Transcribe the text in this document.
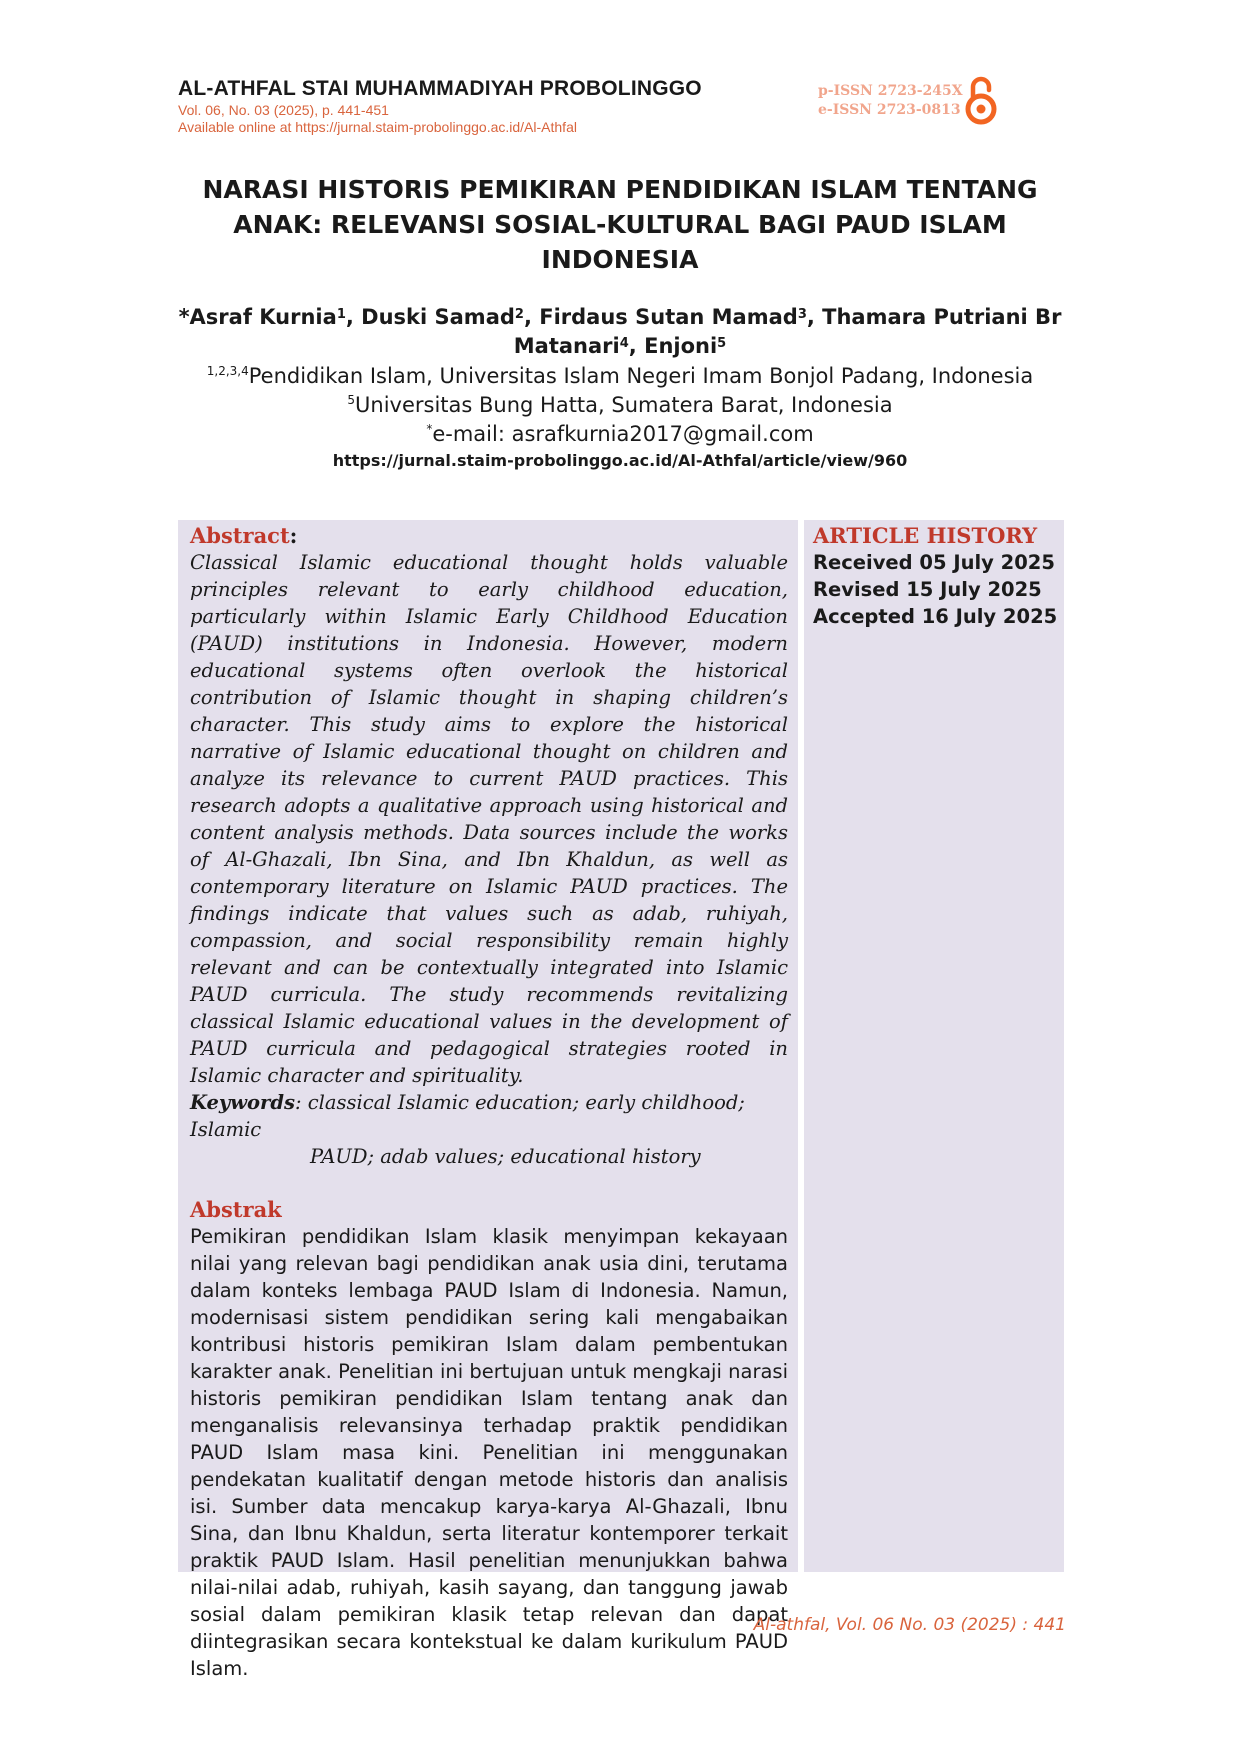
AL-ATHFAL STAI MUHAMMADIYAH PROBOLINGGO
Vol. 06, No. 03 (2025), p. 441-451
Available online at https://jurnal.staim-probolinggo.ac.id/Al-Athfal
p-ISSN 2723-245X
e-ISSN 2723-0813
NARASI HISTORIS PEMIKIRAN PENDIDIKAN ISLAM TENTANG ANAK: RELEVANSI SOSIAL-KULTURAL BAGI PAUD ISLAM INDONESIA
*Asraf Kurnia$^1$, Duski Samad$^2$, Firdaus Sutan Mamad$^3$, Thamara Putriani Br Matanari$^4$, Enjoni$^5$
$^{1,2,3,4}$Pendidikan Islam, Universitas Islam Negeri Imam Bonjol Padang, Indonesia
$^5$Universitas Bung Hatta, Sumatera Barat, Indonesia
*e-mail: asrafkurnia2017@gmail.com
https://jurnal.staim-probolinggo.ac.id/Al-Athfal/article/view/960
Abstract:

Classical Islamic educational thought holds valuable principles relevant to early childhood education, particularly within Islamic Early Childhood Education (PAUD) institutions in Indonesia. However, modern educational systems often overlook the historical contribution of Islamic thought in shaping children’s character. This study aims to explore the historical narrative of Islamic educational thought on children and analyze its relevance to current PAUD practices. This research adopts a qualitative approach using historical and content analysis methods. Data sources include the works of Al-Ghazali, Ibn Sina, and Ibn Khaldun, as well as contemporary literature on Islamic PAUD practices. The findings indicate that values such as adab, ruhiyah, compassion, and social responsibility remain highly relevant and can be contextually integrated into Islamic PAUD curricula. The study recommends revitalizing classical Islamic educational values in the development of PAUD curricula and pedagogical strategies rooted in Islamic character and spirituality.

Keywords: classical Islamic education; early childhood; Islamic

PAUD; adab values; educational history

Abstrak

Pemikiran pendidikan Islam klasik menyimpan kekayaan nilai yang relevan bagi pendidikan anak usia dini, terutama dalam konteks lembaga PAUD Islam di Indonesia. Namun, modernisasi sistem pendidikan sering kali mengabaikan kontribusi historis pemikiran Islam dalam pembentukan karakter anak. Penelitian ini bertujuan untuk mengkaji narasi historis pemikiran pendidikan Islam tentang anak dan menganalisis relevansinya terhadap praktik pendidikan PAUD Islam masa kini. Penelitian ini menggunakan pendekatan kualitatif dengan metode historis dan analisis isi. Sumber data mencakup karya-karya Al-Ghazali, Ibnu Sina, dan Ibnu Khaldun, serta literatur kontemporer terkait praktik PAUD Islam. Hasil penelitian menunjukkan bahwa nilai-nilai adab, ruhiyah, kasih sayang, dan tanggung jawab sosial dalam pemikiran klasik tetap relevan dan dapat diintegrasikan secara kontekstual ke dalam kurikulum PAUD Islam.

ARTICLE HISTORY
Received 05 July 2025
Revised 15 July 2025
Accepted 16 July 2025
Al-athfal, Vol. 06 No. 03 (2025) : 441
